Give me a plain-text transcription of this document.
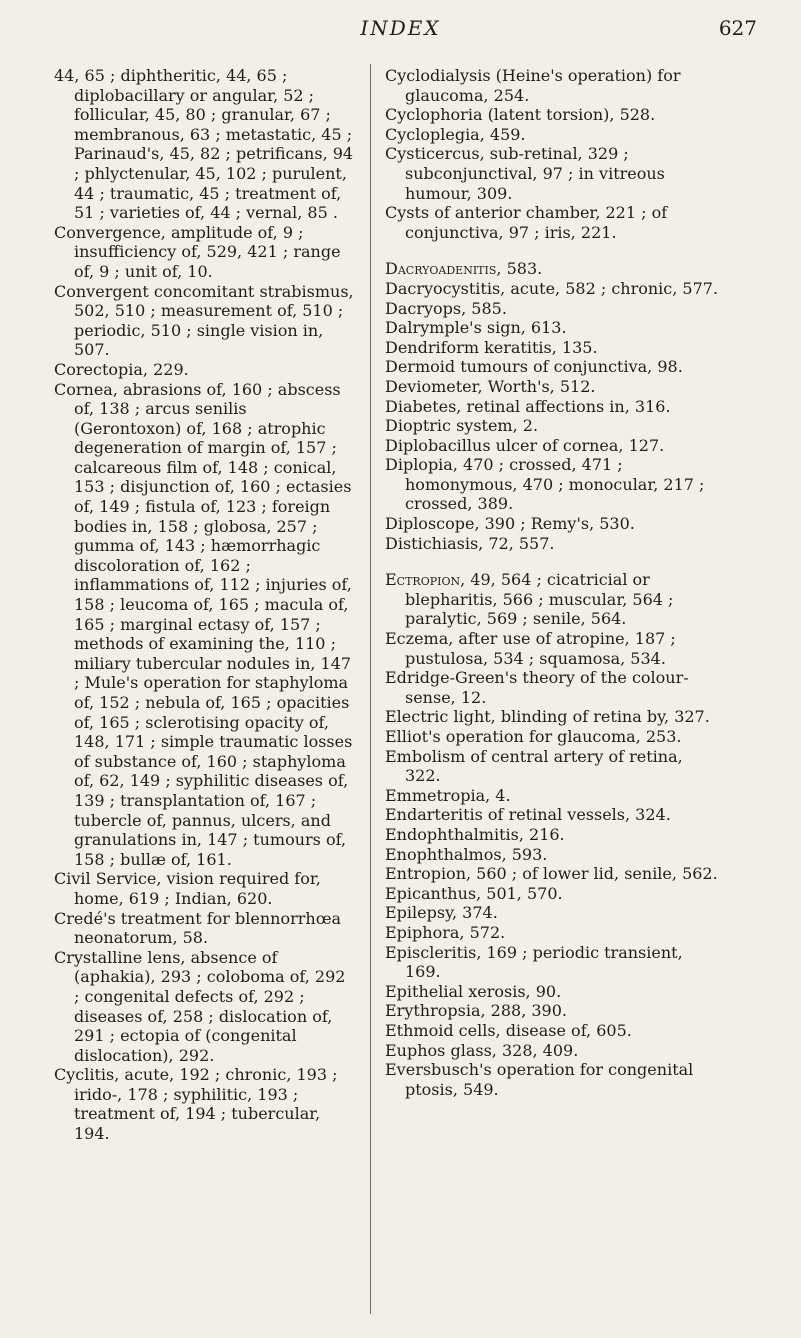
INDEX	627

44, 65 ; diphtheritic, 44, 65 ; diplobacillary or angular, 52 ; follicular, 45, 80 ; granular, 67 ; membranous, 63 ; metastatic, 45 ; Parinaud's, 45, 82 ; petrificans, 94 ; phlyctenular, 45, 102 ; purulent, 44 ; traumatic, 45 ; treatment of, 51 ; varieties of, 44 ; vernal, 85 .

Convergence, amplitude of, 9 ; insufficiency of, 529, 421 ; range of, 9 ; unit of, 10.

Convergent concomitant strabismus, 502, 510 ; measurement of, 510 ; periodic, 510 ; single vision in, 507.

Corectopia, 229.

Cornea, abrasions of, 160 ; abscess of, 138 ; arcus senilis (Gerontoxon) of, 168 ; atrophic degeneration of margin of, 157 ; calcareous film of, 148 ; conical, 153 ; disjunction of, 160 ; ectasies of, 149 ; fistula of, 123 ; foreign bodies in, 158 ; globosa, 257 ; gumma of, 143 ; hæmorrhagic discoloration of, 162 ; inflammations of, 112 ; injuries of, 158 ; leucoma of, 165 ; macula of, 165 ; marginal ectasy of, 157 ; methods of examining the, 110 ; miliary tubercular nodules in, 147 ; Mule's operation for staphyloma of, 152 ; nebula of, 165 ; opacities of, 165 ; sclerotising opacity of, 148, 171 ; simple traumatic losses of substance of, 160 ; staphyloma of, 62, 149 ; syphilitic diseases of, 139 ; transplantation of, 167 ; tubercle of, pannus, ulcers, and granulations in, 147 ; tumours of, 158 ; bullæ of, 161.

Civil Service, vision required for, home, 619 ; Indian, 620.

Credé's treatment for blennorrhœa neonatorum, 58.

Crystalline lens, absence of (aphakia), 293 ; coloboma of, 292 ; congenital defects of, 292 ; diseases of, 258 ; dislocation of, 291 ; ectopia of (congenital dislocation), 292.

Cyclitis, acute, 192 ; chronic, 193 ; irido-, 178 ; syphilitic, 193 ; treatment of, 194 ; tubercular, 194.

Cyclodialysis (Heine's operation) for glaucoma, 254.

Cyclophoria (latent torsion), 528.

Cycloplegia, 459.

Cysticercus, sub-retinal, 329 ; subconjunctival, 97 ; in vitreous humour, 309.

Cysts of anterior chamber, 221 ; of conjunctiva, 97 ; iris, 221.

Dacryoadenitis, 583.

Dacryocystitis, acute, 582 ; chronic, 577.

Dacryops, 585.

Dalrymple's sign, 613.

Dendriform keratitis, 135.

Dermoid tumours of conjunctiva, 98.

Deviometer, Worth's, 512.

Diabetes, retinal affections in, 316.

Dioptric system, 2.

Diplobacillus ulcer of cornea, 127.

Diplopia, 470 ; crossed, 471 ; homonymous, 470 ; monocular, 217 ; crossed, 389.

Diploscope, 390 ; Remy's, 530.

Distichiasis, 72, 557.

Ectropion, 49, 564 ; cicatricial or blepharitis, 566 ; muscular, 564 ; paralytic, 569 ; senile, 564.

Eczema, after use of atropine, 187 ; pustulosa, 534 ; squamosa, 534.

Edridge-Green's theory of the colour-sense, 12.

Electric light, blinding of retina by, 327.

Elliot's operation for glaucoma, 253.

Embolism of central artery of retina, 322.

Emmetropia, 4.

Endarteritis of retinal vessels, 324.

Endophthalmitis, 216.

Enophthalmos, 593.

Entropion, 560 ; of lower lid, senile, 562.

Epicanthus, 501, 570.

Epilepsy, 374.

Epiphora, 572.

Episcleritis, 169 ; periodic transient, 169.

Epithelial xerosis, 90.

Erythropsia, 288, 390.

Ethmoid cells, disease of, 605.

Euphos glass, 328, 409.

Eversbusch's operation for congenital ptosis, 549.
